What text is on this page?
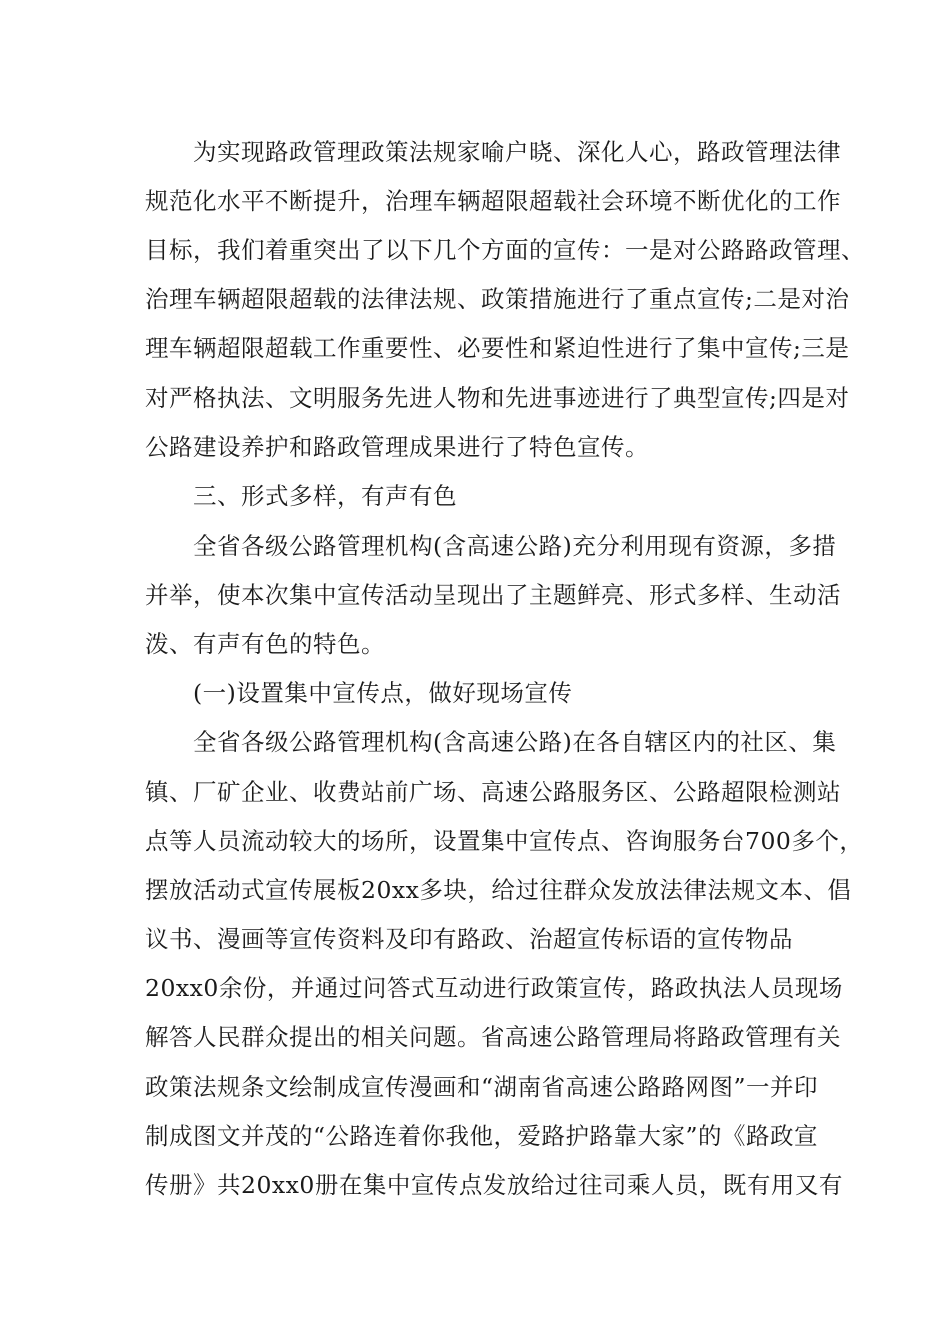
为实现路政管理政策法规家喻户晓、深化人心，路政管理法律
规范化水平不断提升，治理车辆超限超载社会环境不断优化的工作
目标，我们着重突出了以下几个方面的宣传：一是对公路路政管理、
治理车辆超限超载的法律法规、政策措施进行了重点宣传;二是对治
理车辆超限超载工作重要性、必要性和紧迫性进行了集中宣传;三是
对严格执法、文明服务先进人物和先进事迹进行了典型宣传;四是对
公路建设养护和路政管理成果进行了特色宣传。
三、形式多样，有声有色
全省各级公路管理机构(含高速公路)充分利用现有资源，多措
并举，使本次集中宣传活动呈现出了主题鲜亮、形式多样、生动活
泼、有声有色的特色。
(一)设置集中宣传点，做好现场宣传
全省各级公路管理机构(含高速公路)在各自辖区内的社区、集
镇、厂矿企业、收费站前广场、高速公路服务区、公路超限检测站
点等人员流动较大的场所，设置集中宣传点、咨询服务台700多个，
摆放活动式宣传展板20xx多块，给过往群众发放法律法规文本、倡
议书、漫画等宣传资料及印有路政、治超宣传标语的宣传物品
20xx0余份，并通过问答式互动进行政策宣传，路政执法人员现场
解答人民群众提出的相关问题。省高速公路管理局将路政管理有关
政策法规条文绘制成宣传漫画和“湖南省高速公路路网图”一并印
制成图文并茂的“公路连着你我他，爱路护路靠大家”的《路政宣
传册》共20xx0册在集中宣传点发放给过往司乘人员，既有用又有
